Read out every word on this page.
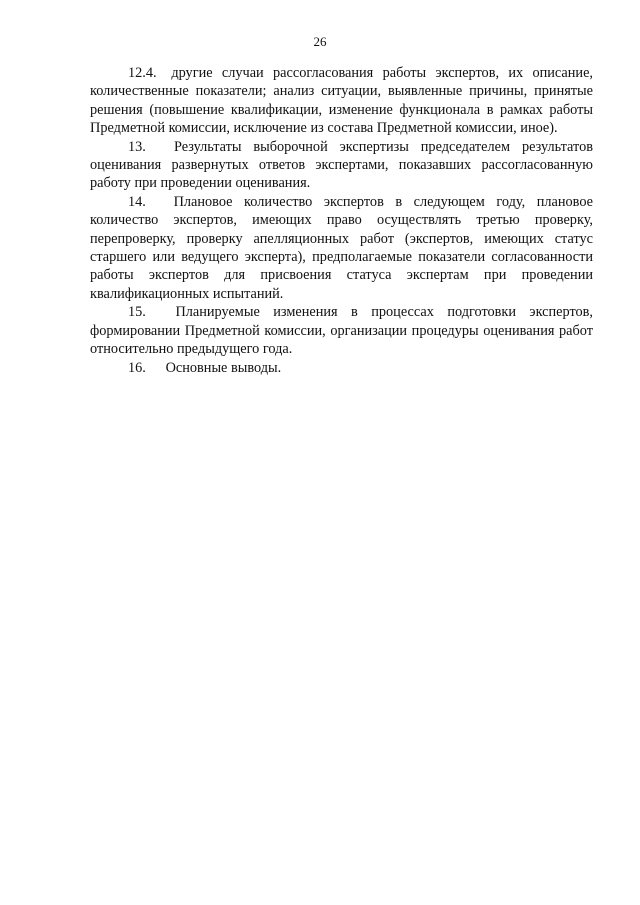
26

12.4. другие случаи рассогласования работы экспертов, их описание, количественные показатели; анализ ситуации, выявленные причины, принятые решения (повышение квалификации, изменение функционала в рамках работы Предметной комиссии, исключение из состава Предметной комиссии, иное).

13. Результаты выборочной экспертизы председателем результатов оценивания развернутых ответов экспертами, показавших рассогласованную работу при проведении оценивания.

14. Плановое количество экспертов в следующем году, плановое количество экспертов, имеющих право осуществлять третью проверку, перепроверку, проверку апелляционных работ (экспертов, имеющих статус старшего или ведущего эксперта), предполагаемые показатели согласованности работы экспертов для присвоения статуса экспертам при проведении квалификационных испытаний.

15. Планируемые изменения в процессах подготовки экспертов, формировании Предметной комиссии, организации процедуры оценивания работ относительно предыдущего года.

16. Основные выводы.
